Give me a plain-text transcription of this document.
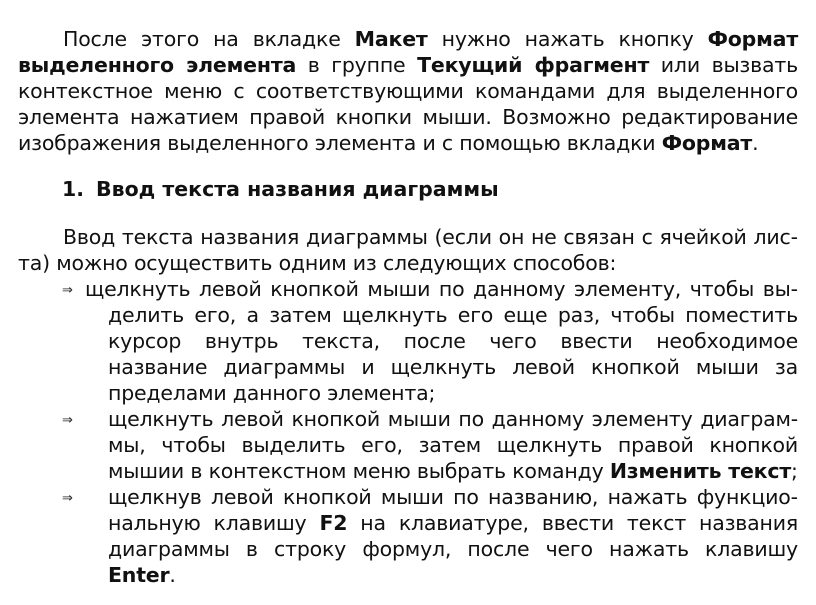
После этого на вкладке Макет нужно нажать кнопку Формат выделенного элемента в группе Текущий фрагмент или вызвать контекстное меню с соответствующими командами для выделенного элемента нажатием правой кнопки мыши. Возможно редактирование изображения выделенного элемента и с помощью вкладки Формат.

1. Ввод текста названия диаграммы

Ввод текста названия диаграммы (если он не связан с ячейкой листа) можно осуществить одним из следующих способов:

⇒ щелкнуть левой кнопкой мыши по данному элементу, чтобы выделить его, а затем щелкнуть его еще раз, чтобы поместить курсор внутрь текста, после чего ввести необходимое название диаграммы и щелкнуть левой кнопкой мыши за пределами данного элемента;

⇒ щелкнуть левой кнопкой мыши по данному элементу диаграм- мы, чтобы выделить его, затем щелкнуть правой кнопкой мышии в контекстном меню выбрать команду Изменить текст;

⇒ щелкнув левой кнопкой мыши по названию, нажать функциональную клавишу F2 на клавиатуре, ввести текст названия диаграммы в строку формул, после чего нажать клавишу Enter.
